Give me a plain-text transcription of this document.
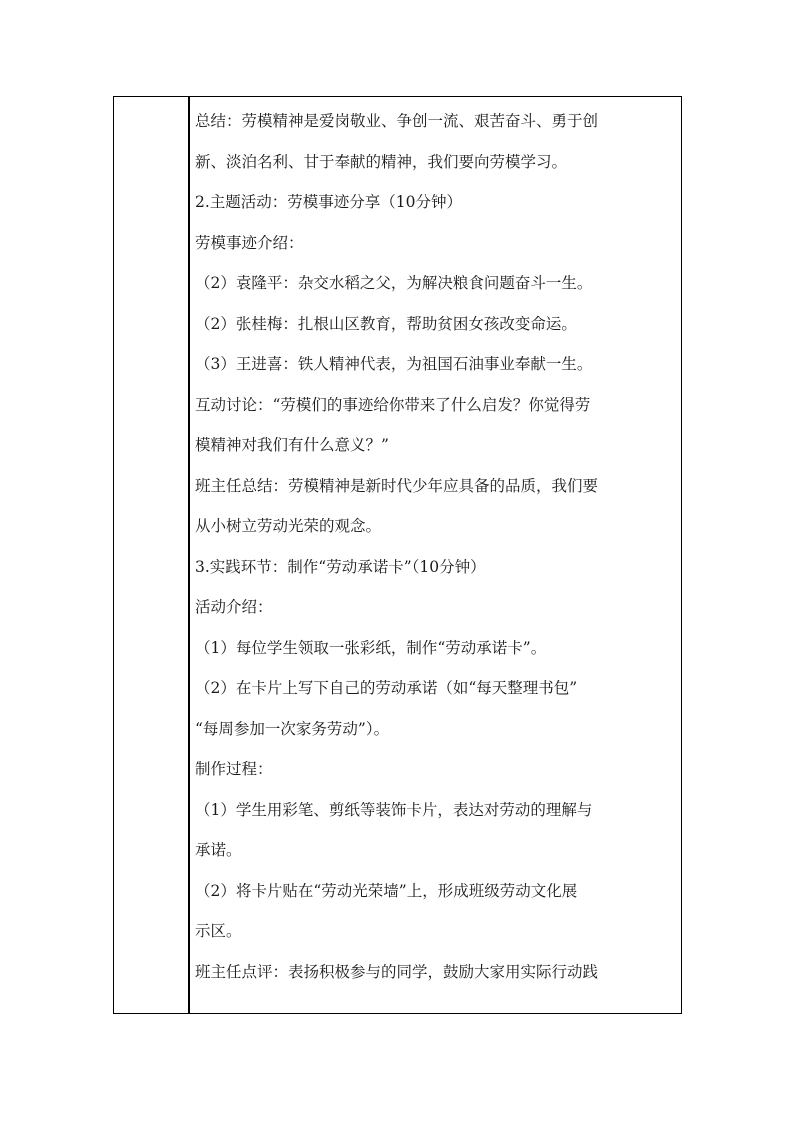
总结：劳模精神是爱岗敬业、争创一流、艰苦奋斗、勇于创
新、淡泊名利、甘于奉献的精神，我们要向劳模学习。
2.主题活动：劳模事迹分享（10分钟）
劳模事迹介绍：
（2）袁隆平：杂交水稻之父，为解决粮食问题奋斗一生。
（2）张桂梅：扎根山区教育，帮助贫困女孩改变命运。
（3）王进喜：铁人精神代表，为祖国石油事业奉献一生。
互动讨论：“劳模们的事迹给你带来了什么启发？你觉得劳
模精神对我们有什么意义？”
班主任总结：劳模精神是新时代少年应具备的品质，我们要
从小树立劳动光荣的观念。
3.实践环节：制作“劳动承诺卡”（10分钟）
活动介绍：
（1）每位学生领取一张彩纸，制作“劳动承诺卡”。
（2）在卡片上写下自己的劳动承诺（如“每天整理书包”
“每周参加一次家务劳动”）。
制作过程：
（1）学生用彩笔、剪纸等装饰卡片，表达对劳动的理解与
承诺。
（2）将卡片贴在“劳动光荣墙”上，形成班级劳动文化展
示区。
班主任点评：表扬积极参与的同学，鼓励大家用实际行动践
